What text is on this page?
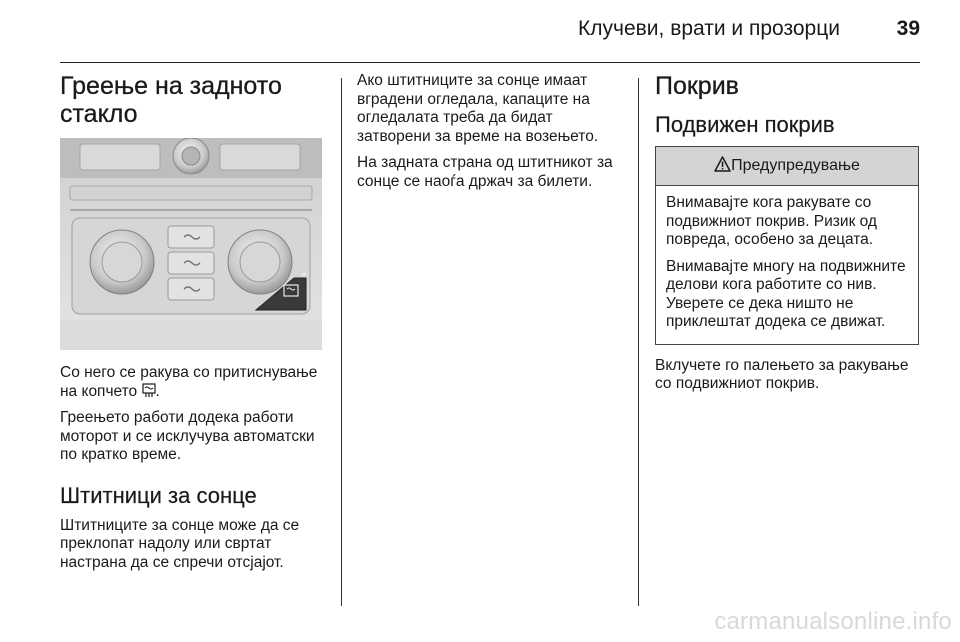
Клучеви, врати и прозорци	39
Греење на задното стакло
Со него се ракува со притиснување на копчето .
Греењето работи додека работи моторот и се исклучува автоматски по кратко време.
Штитници за сонце
Штитниците за сонце може да се преклопат надолу или свртат настрана да се спречи отсјајот.
Ако штитниците за сонце имаат вградени огледала, капаците на огледалата треба да бидат затворени за време на возењето.
На задната страна од штитникот за сонце се наоѓа држач за билети.
Покрив
Подвижен покрив
Предупредување
Внимавајте кога ракувате со подвижниот покрив. Ризик од повреда, особено за децата.
Внимавајте многу на подвижните делови кога работите со нив. Уверете се дека ништо не приклештат додека се движат.
Вклучете го палењето за ракување со подвижниот покрив.
carmanualsonline.info
